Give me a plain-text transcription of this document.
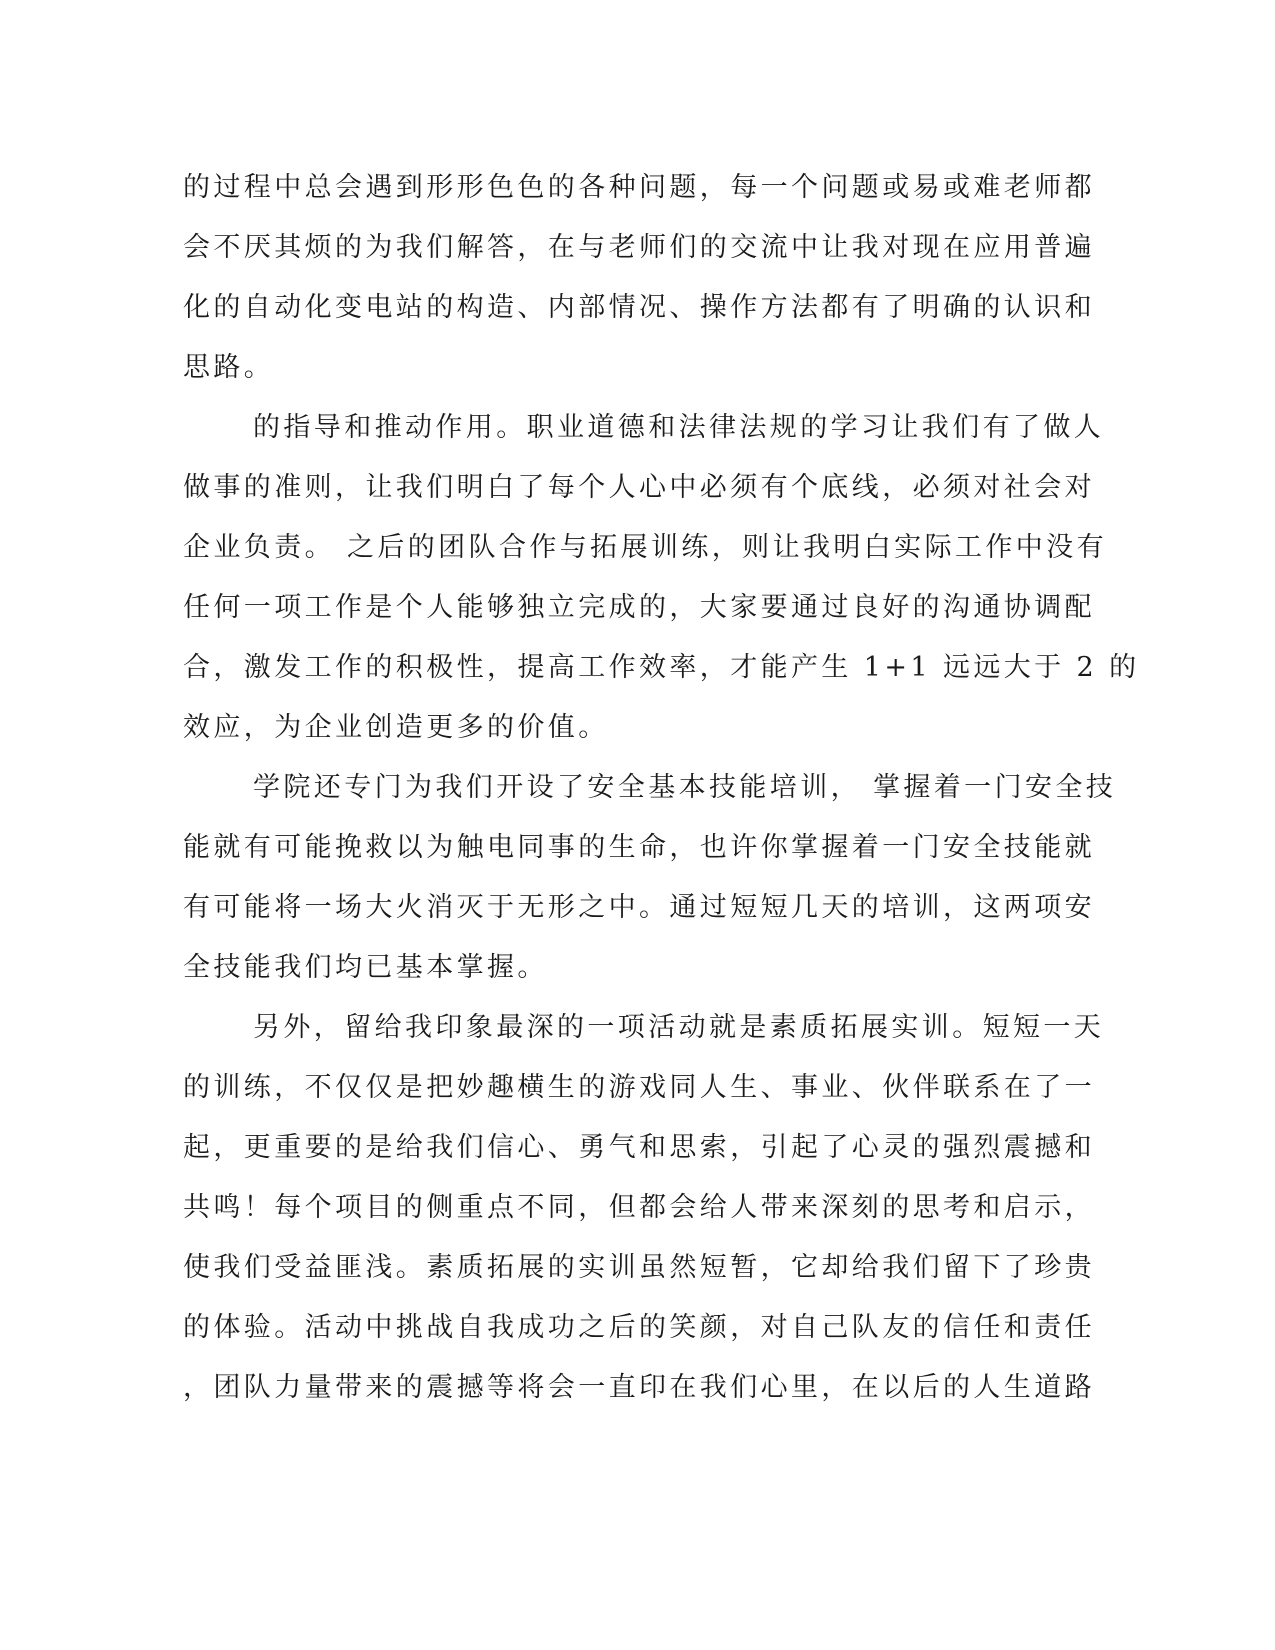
的过程中总会遇到形形色色的各种问题，每一个问题或易或难老师都
会不厌其烦的为我们解答，在与老师们的交流中让我对现在应用普遍
化的自动化变电站的构造、内部情况、操作方法都有了明确的认识和
思路。
的指导和推动作用。职业道德和法律法规的学习让我们有了做人
做事的准则，让我们明白了每个人心中必须有个底线，必须对社会对
企业负责。 之后的团队合作与拓展训练，则让我明白实际工作中没有
任何一项工作是个人能够独立完成的，大家要通过良好的沟通协调配
合，激发工作的积极性，提高工作效率，才能产生 1+1 远远大于 2 的
效应，为企业创造更多的价值。
学院还专门为我们开设了安全基本技能培训， 掌握着一门安全技
能就有可能挽救以为触电同事的生命，也许你掌握着一门安全技能就
有可能将一场大火消灭于无形之中。通过短短几天的培训，这两项安
全技能我们均已基本掌握。
另外，留给我印象最深的一项活动就是素质拓展实训。短短一天
的训练，不仅仅是把妙趣横生的游戏同人生、事业、伙伴联系在了一
起，更重要的是给我们信心、勇气和思索，引起了心灵的强烈震撼和
共鸣！每个项目的侧重点不同，但都会给人带来深刻的思考和启示，
使我们受益匪浅。素质拓展的实训虽然短暂，它却给我们留下了珍贵
的体验。活动中挑战自我成功之后的笑颜，对自己队友的信任和责任
，团队力量带来的震撼等将会一直印在我们心里，在以后的人生道路
